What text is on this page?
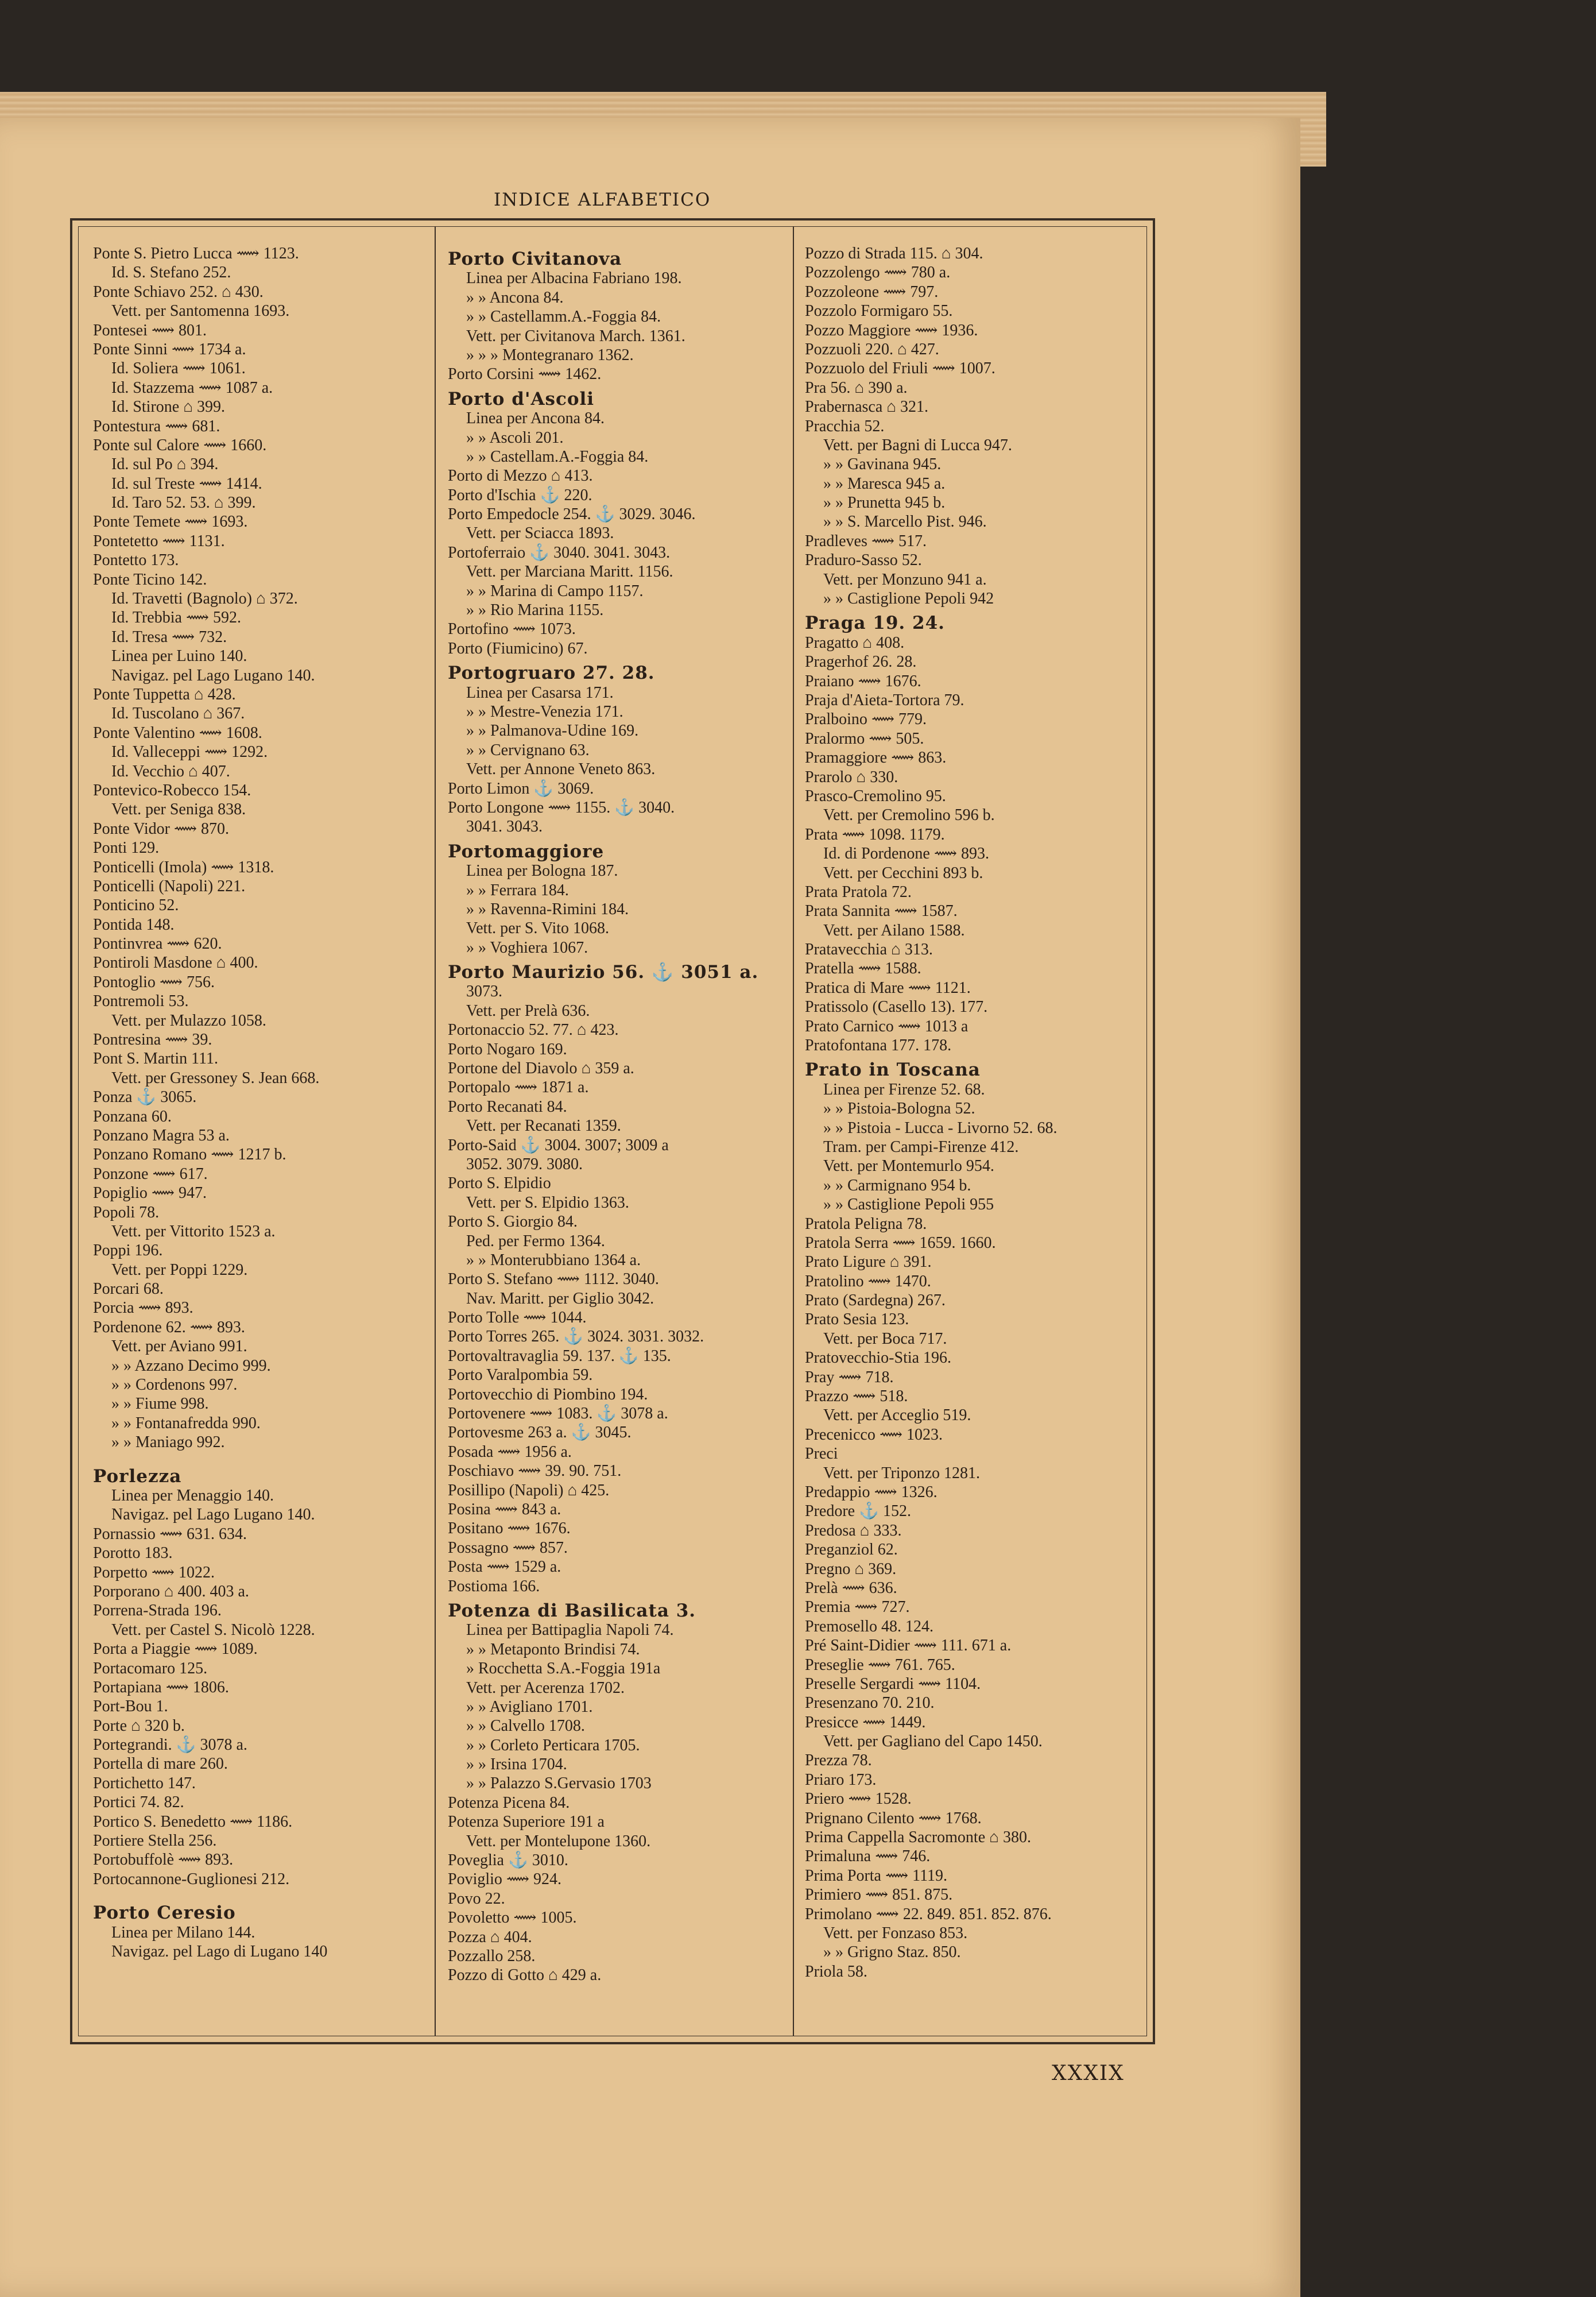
INDICE ALFABETICO
Ponte S. Pietro Lucca ⟿ 1123.
Id. S. Stefano 252.
Ponte Schiavo 252. ⌂ 430.
Vett. per Santomenna 1693.
Pontesei ⟿ 801.
Ponte Sinni ⟿ 1734 a.
Id. Soliera ⟿ 1061.
Id. Stazzema ⟿ 1087 a.
Id. Stirone ⌂ 399.
Pontestura ⟿ 681.
Ponte sul Calore ⟿ 1660.
Id. sul Po ⌂ 394.
Id. sul Treste ⟿ 1414.
Id. Taro 52. 53. ⌂ 399.
Ponte Temete ⟿ 1693.
Pontetetto ⟿ 1131.
Pontetto 173.
Ponte Ticino 142.
Id. Travetti (Bagnolo) ⌂ 372.
Id. Trebbia ⟿ 592.
Id. Tresa ⟿ 732.
Linea per Luino 140.
Navigaz. pel Lago Lugano 140.
Ponte Tuppetta ⌂ 428.
Id. Tuscolano ⌂ 367.
Ponte Valentino ⟿ 1608.
Id. Valleceppi ⟿ 1292.
Id. Vecchio ⌂ 407.
Pontevico-Robecco 154.
Vett. per Seniga 838.
Ponte Vidor ⟿ 870.
Ponti 129.
Ponticelli (Imola) ⟿ 1318.
Ponticelli (Napoli) 221.
Ponticino 52.
Pontida 148.
Pontinvrea ⟿ 620.
Pontiroli Masdone ⌂ 400.
Pontoglio ⟿ 756.
Pontremoli 53.
Vett. per Mulazzo 1058.
Pontresina ⟿ 39.
Pont S. Martin 111.
Vett. per Gressoney S. Jean 668.
Ponza ⚓ 3065.
Ponzana 60.
Ponzano Magra 53 a.
Ponzano Romano ⟿ 1217 b.
Ponzone ⟿ 617.
Popiglio ⟿ 947.
Popoli 78.
Vett. per Vittorito 1523 a.
Poppi 196.
Vett. per Poppi 1229.
Porcari 68.
Porcia ⟿ 893.
Pordenone 62. ⟿ 893.
Vett. per Aviano 991.
» » Azzano Decimo 999.
» » Cordenons 997.
» » Fiume 998.
» » Fontanafredda 990.
» » Maniago 992.
Porlezza
Linea per Menaggio 140.
Navigaz. pel Lago Lugano 140.
Pornassio ⟿ 631. 634.
Porotto 183.
Porpetto ⟿ 1022.
Porporano ⌂ 400. 403 a.
Porrena-Strada 196.
Vett. per Castel S. Nicolò 1228.
Porta a Piaggie ⟿ 1089.
Portacomaro 125.
Portapiana ⟿ 1806.
Port-Bou 1.
Porte ⌂ 320 b.
Portegrandi. ⚓ 3078 a.
Portella di mare 260.
Portichetto 147.
Portici 74. 82.
Portico S. Benedetto ⟿ 1186.
Portiere Stella 256.
Portobuffolè ⟿ 893.
Portocannone-Guglionesi 212.
Porto Ceresio
Linea per Milano 144.
Navigaz. pel Lago di Lugano 140
Porto Civitanova
Linea per Albacina Fabriano 198.
» » Ancona 84.
» » Castellamm.A.-Foggia 84.
Vett. per Civitanova March. 1361.
» » » Montegranaro 1362.
Porto Corsini ⟿ 1462.
Porto d'Ascoli
Linea per Ancona 84.
» » Ascoli 201.
» » Castellam.A.-Foggia 84.
Porto di Mezzo ⌂ 413.
Porto d'Ischia ⚓ 220.
Porto Empedocle 254. ⚓ 3029. 3046.
Vett. per Sciacca 1893.
Portoferraio ⚓ 3040. 3041. 3043.
Vett. per Marciana Maritt. 1156.
» » Marina di Campo 1157.
» » Rio Marina 1155.
Portofino ⟿ 1073.
Porto (Fiumicino) 67.
Portogruaro 27. 28.
Linea per Casarsa 171.
» » Mestre-Venezia 171.
» » Palmanova-Udine 169.
» » Cervignano 63.
Vett. per Annone Veneto 863.
Porto Limon ⚓ 3069.
Porto Longone ⟿ 1155. ⚓ 3040.
3041. 3043.
Portomaggiore
Linea per Bologna 187.
» » Ferrara 184.
» » Ravenna-Rimini 184.
Vett. per S. Vito 1068.
» » Voghiera 1067.
Porto Maurizio 56. ⚓ 3051 a.
3073.
Vett. per Prelà 636.
Portonaccio 52. 77. ⌂ 423.
Porto Nogaro 169.
Portone del Diavolo ⌂ 359 a.
Portopalo ⟿ 1871 a.
Porto Recanati 84.
Vett. per Recanati 1359.
Porto-Said ⚓ 3004. 3007; 3009 a
3052. 3079. 3080.
Porto S. Elpidio
Vett. per S. Elpidio 1363.
Porto S. Giorgio 84.
Ped. per Fermo 1364.
» » Monterubbiano 1364 a.
Porto S. Stefano ⟿ 1112. 3040.
Nav. Maritt. per Giglio 3042.
Porto Tolle ⟿ 1044.
Porto Torres 265. ⚓ 3024. 3031. 3032.
Portovaltravaglia 59. 137. ⚓ 135.
Porto Varalpombia 59.
Portovecchio di Piombino 194.
Portovenere ⟿ 1083. ⚓ 3078 a.
Portovesme 263 a. ⚓ 3045.
Posada ⟿ 1956 a.
Poschiavo ⟿ 39. 90. 751.
Posillipo (Napoli) ⌂ 425.
Posina ⟿ 843 a.
Positano ⟿ 1676.
Possagno ⟿ 857.
Posta ⟿ 1529 a.
Postioma 166.
Potenza di Basilicata 3.
Linea per Battipaglia Napoli 74.
» » Metaponto Brindisi 74.
» Rocchetta S.A.-Foggia 191a
Vett. per Acerenza 1702.
» » Avigliano 1701.
» » Calvello 1708.
» » Corleto Perticara 1705.
» » Irsina 1704.
» » Palazzo S.Gervasio 1703
Potenza Picena 84.
Potenza Superiore 191 a
Vett. per Montelupone 1360.
Poveglia ⚓ 3010.
Poviglio ⟿ 924.
Povo 22.
Povoletto ⟿ 1005.
Pozza ⌂ 404.
Pozzallo 258.
Pozzo di Gotto ⌂ 429 a.
Pozzo di Strada 115. ⌂ 304.
Pozzolengo ⟿ 780 a.
Pozzoleone ⟿ 797.
Pozzolo Formigaro 55.
Pozzo Maggiore ⟿ 1936.
Pozzuoli 220. ⌂ 427.
Pozzuolo del Friuli ⟿ 1007.
Pra 56. ⌂ 390 a.
Prabernasca ⌂ 321.
Pracchia 52.
Vett. per Bagni di Lucca 947.
» » Gavinana 945.
» » Maresca 945 a.
» » Prunetta 945 b.
» » S. Marcello Pist. 946.
Pradleves ⟿ 517.
Praduro-Sasso 52.
Vett. per Monzuno 941 a.
» » Castiglione Pepoli 942
Praga 19. 24.
Pragatto ⌂ 408.
Pragerhof 26. 28.
Praiano ⟿ 1676.
Praja d'Aieta-Tortora 79.
Pralboino ⟿ 779.
Pralormo ⟿ 505.
Pramaggiore ⟿ 863.
Prarolo ⌂ 330.
Prasco-Cremolino 95.
Vett. per Cremolino 596 b.
Prata ⟿ 1098. 1179.
Id. di Pordenone ⟿ 893.
Vett. per Cecchini 893 b.
Prata Pratola 72.
Prata Sannita ⟿ 1587.
Vett. per Ailano 1588.
Pratavecchia ⌂ 313.
Pratella ⟿ 1588.
Pratica di Mare ⟿ 1121.
Pratissolo (Casello 13). 177.
Prato Carnico ⟿ 1013 a
Pratofontana 177. 178.
Prato in Toscana
Linea per Firenze 52. 68.
» » Pistoia-Bologna 52.
» » Pistoia - Lucca - Livorno 52. 68.
Tram. per Campi-Firenze 412.
Vett. per Montemurlo 954.
» » Carmignano 954 b.
» » Castiglione Pepoli 955
Pratola Peligna 78.
Pratola Serra ⟿ 1659. 1660.
Prato Ligure ⌂ 391.
Pratolino ⟿ 1470.
Prato (Sardegna) 267.
Prato Sesia 123.
Vett. per Boca 717.
Pratovecchio-Stia 196.
Pray ⟿ 718.
Prazzo ⟿ 518.
Vett. per Acceglio 519.
Precenicco ⟿ 1023.
Preci
Vett. per Triponzo 1281.
Predappio ⟿ 1326.
Predore ⚓ 152.
Predosa ⌂ 333.
Preganziol 62.
Pregno ⌂ 369.
Prelà ⟿ 636.
Premia ⟿ 727.
Premosello 48. 124.
Pré Saint-Didier ⟿ 111. 671 a.
Preseglie ⟿ 761. 765.
Preselle Sergardi ⟿ 1104.
Presenzano 70. 210.
Presicce ⟿ 1449.
Vett. per Gagliano del Capo 1450.
Prezza 78.
Priaro 173.
Priero ⟿ 1528.
Prignano Cilento ⟿ 1768.
Prima Cappella Sacromonte ⌂ 380.
Primaluna ⟿ 746.
Prima Porta ⟿ 1119.
Primiero ⟿ 851. 875.
Primolano ⟿ 22. 849. 851. 852. 876.
Vett. per Fonzaso 853.
» » Grigno Staz. 850.
Priola 58.
XXXIX
